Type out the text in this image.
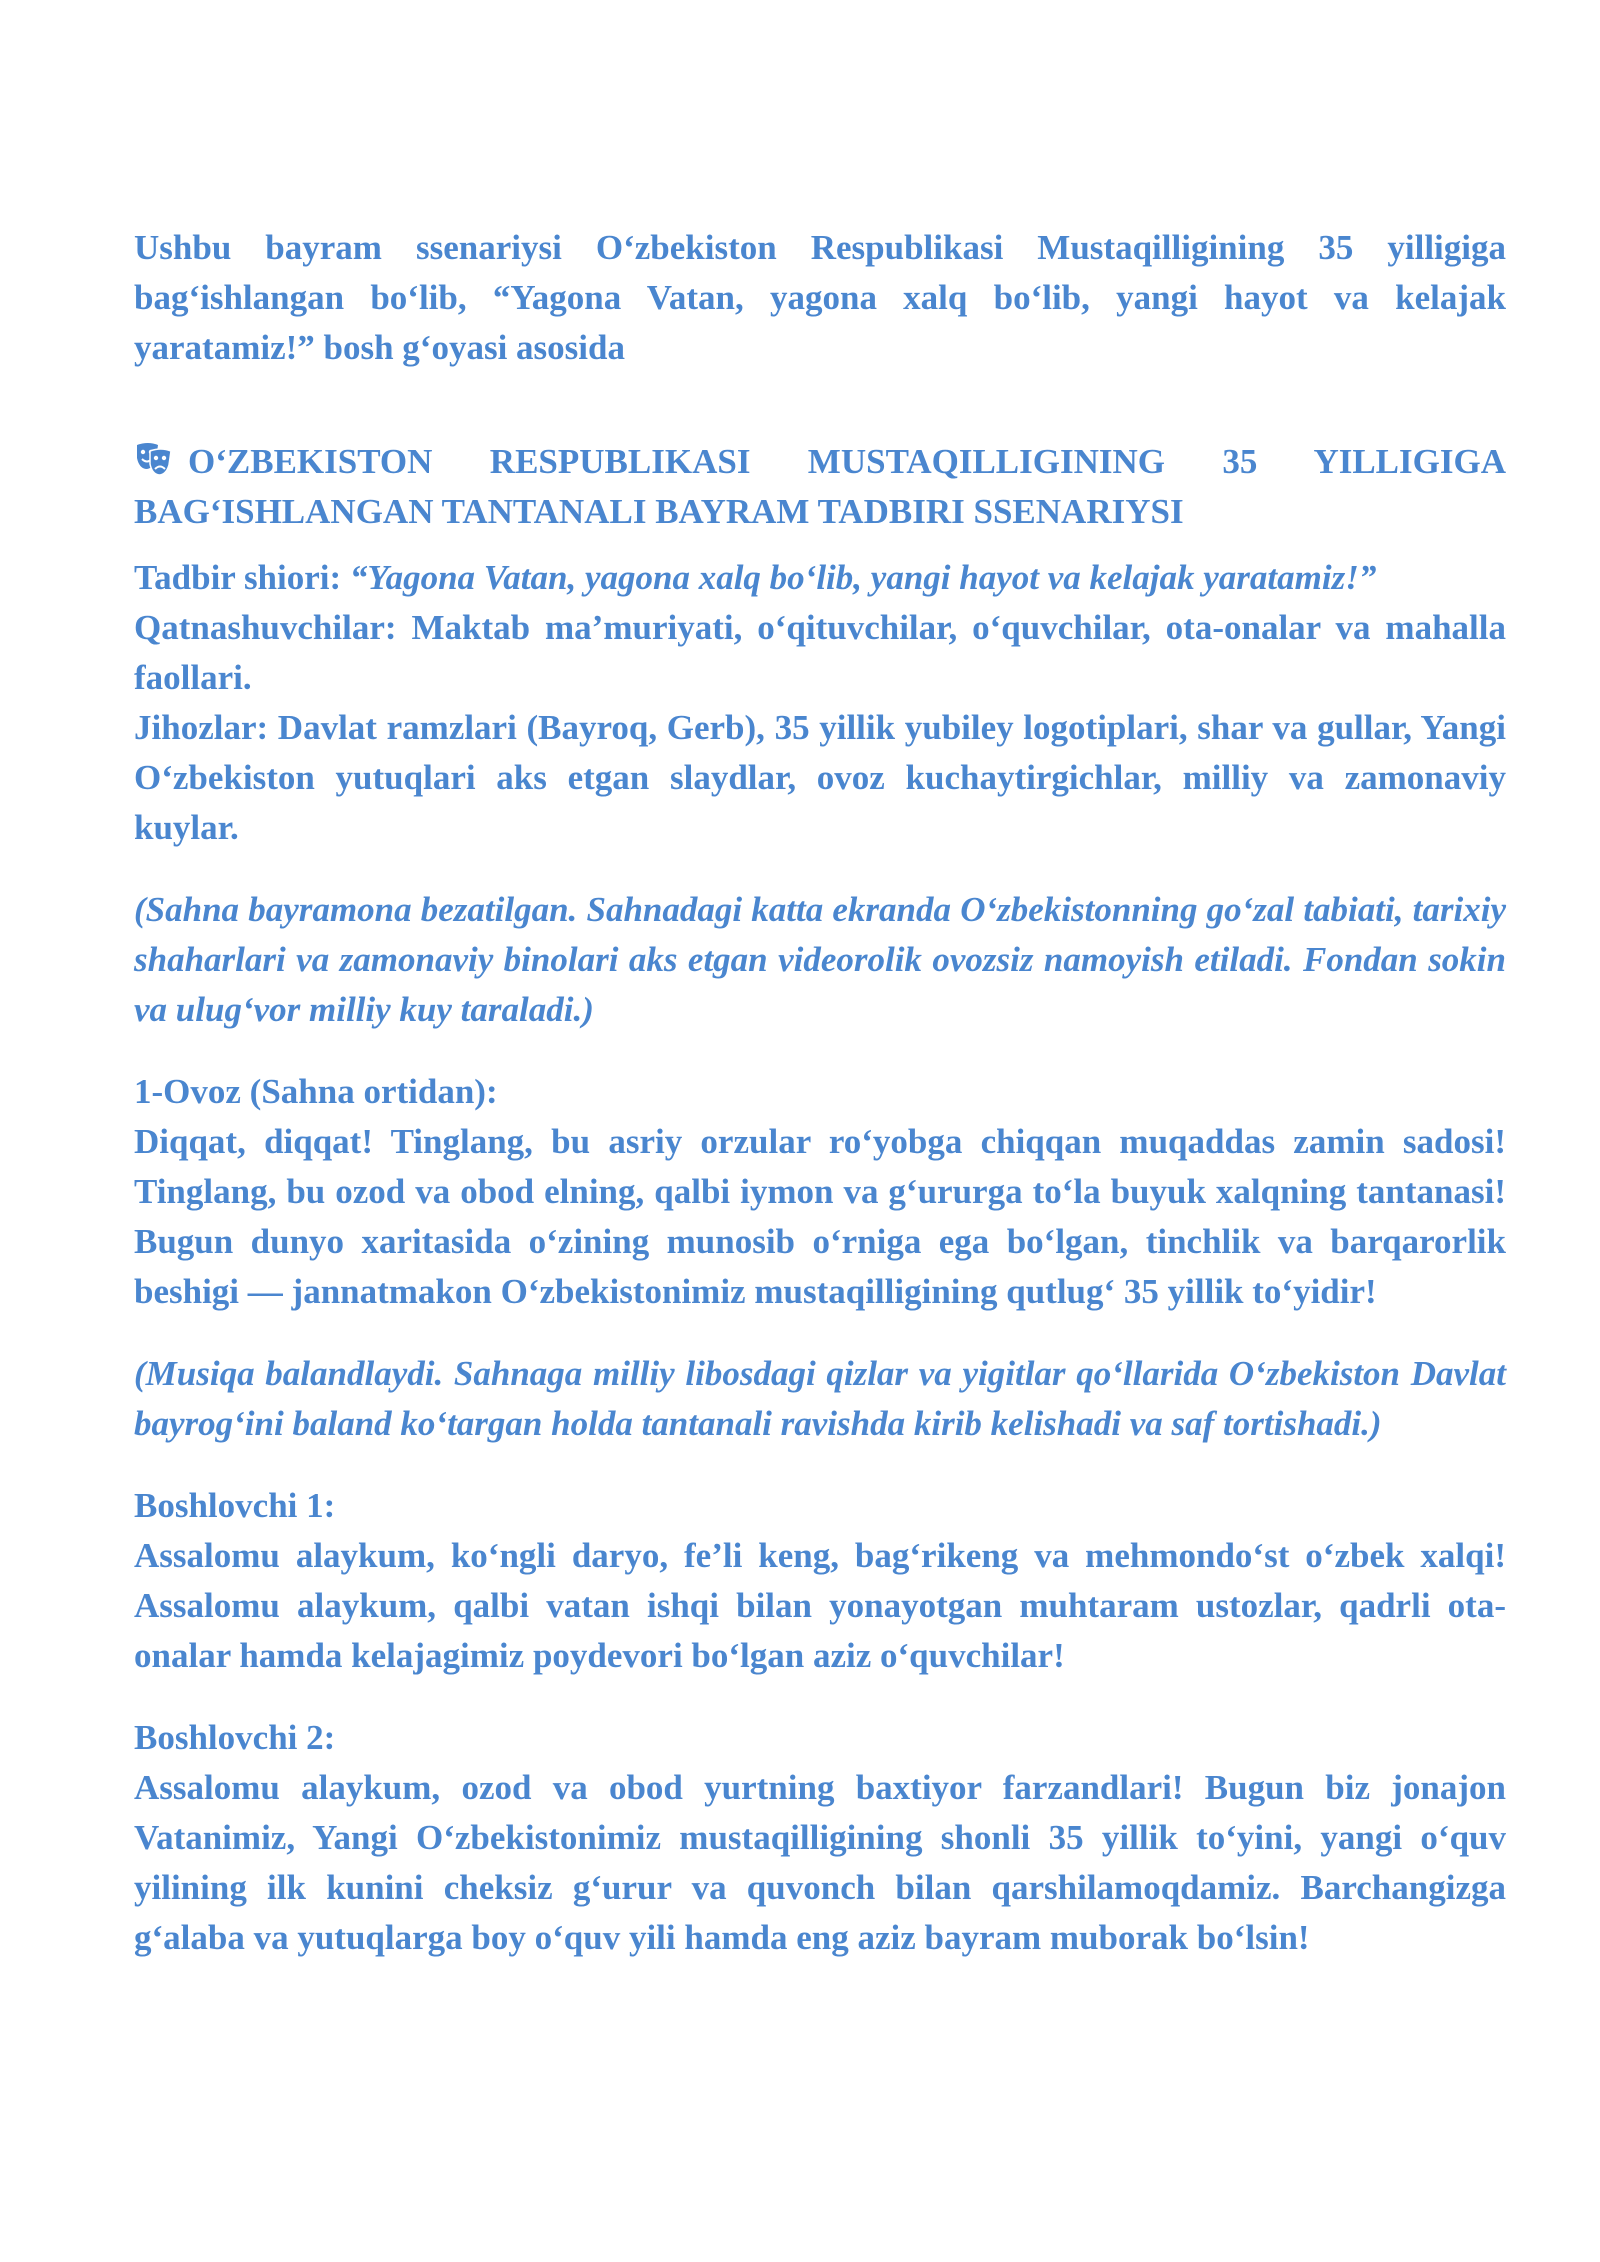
Ushbu bayram ssenariysi O‘zbekiston Respublikasi Mustaqilligining 35 yilligiga bag‘ishlangan bo‘lib, “Yagona Vatan, yagona xalq bo‘lib, yangi hayot va kelajak yaratamiz!” bosh g‘oyasi asosida

O‘ZBEKISTON RESPUBLIKASI MUSTAQILLIGINING 35 YILLIGIGA BAG‘ISHLANGAN TANTANALI BAYRAM TADBIRI SSENARIYSI

Tadbir shiori: “Yagona Vatan, yagona xalq bo‘lib, yangi hayot va kelajak yaratamiz!”

Qatnashuvchilar: Maktab ma’muriyati, o‘qituvchilar, o‘quvchilar, ota-onalar va mahalla faollari.

Jihozlar: Davlat ramzlari (Bayroq, Gerb), 35 yillik yubiley logotiplari, shar va gullar, Yangi O‘zbekiston yutuqlari aks etgan slaydlar, ovoz kuchaytirgichlar, milliy va zamonaviy kuylar.

(Sahna bayramona bezatilgan. Sahnadagi katta ekranda O‘zbekistonning go‘zal tabiati, tarixiy shaharlari va zamonaviy binolari aks etgan videorolik ovozsiz namoyish etiladi. Fondan sokin va ulug‘vor milliy kuy taraladi.)

1-Ovoz (Sahna ortidan):
Diqqat, diqqat! Tinglang, bu asriy orzular ro‘yobga chiqqan muqaddas zamin sadosi! Tinglang, bu ozod va obod elning, qalbi iymon va g‘ururga to‘la buyuk xalqning tantanasi! Bugun dunyo xaritasida o‘zining munosib o‘rniga ega bo‘lgan, tinchlik va barqarorlik beshigi — jannatmakon O‘zbekistonimiz mustaqilligining qutlug‘ 35 yillik to‘yidir!

(Musiqa balandlaydi. Sahnaga milliy libosdagi qizlar va yigitlar qo‘llarida O‘zbekiston Davlat bayrog‘ini baland ko‘targan holda tantanali ravishda kirib kelishadi va saf tortishadi.)

Boshlovchi 1:
Assalomu alaykum, ko‘ngli daryo, fe’li keng, bag‘rikeng va mehmondo‘st o‘zbek xalqi! Assalomu alaykum, qalbi vatan ishqi bilan yonayotgan muhtaram ustozlar, qadrli ota-onalar hamda kelajagimiz poydevori bo‘lgan aziz o‘quvchilar!
Boshlovchi 2:
Assalomu alaykum, ozod va obod yurtning baxtiyor farzandlari! Bugun biz jonajon Vatanimiz, Yangi O‘zbekistonimiz mustaqilligining shonli 35 yillik to‘yini, yangi o‘quv yilining ilk kunini cheksiz g‘urur va quvonch bilan qarshilamoqdamiz. Barchangizga g‘alaba va yutuqlarga boy o‘quv yili hamda eng aziz bayram muborak bo‘lsin!
